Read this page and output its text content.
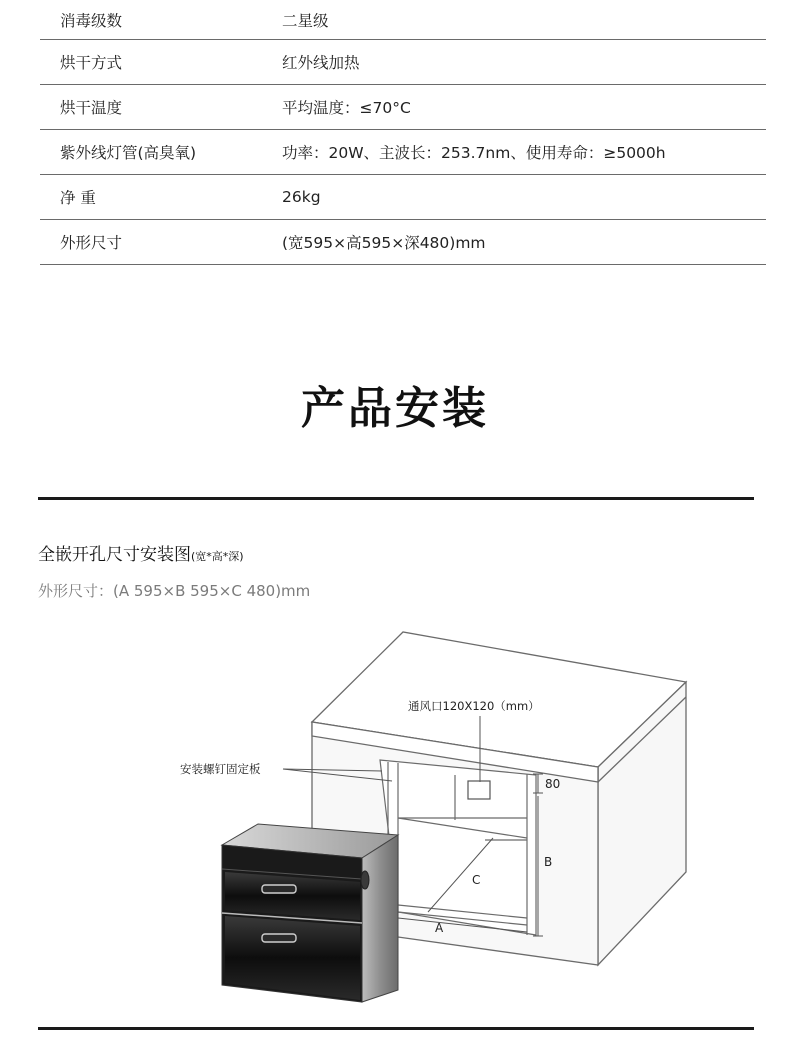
消毒级数	二星级
烘干方式	红外线加热
烘干温度	平均温度：≤70°C
紫外线灯管(高臭氧)	功率：20W、主波长：253.7nm、使用寿命：≥5000h
净 重	26kg
外形尺寸	(宽595×高595×深480)mm
产品安装
全嵌开孔尺寸安装图(宽*高*深)
外形尺寸：(A 595×B 595×C 480)mm
通风口120X120（mm）
安装螺钉固定板
80
B
C
A
